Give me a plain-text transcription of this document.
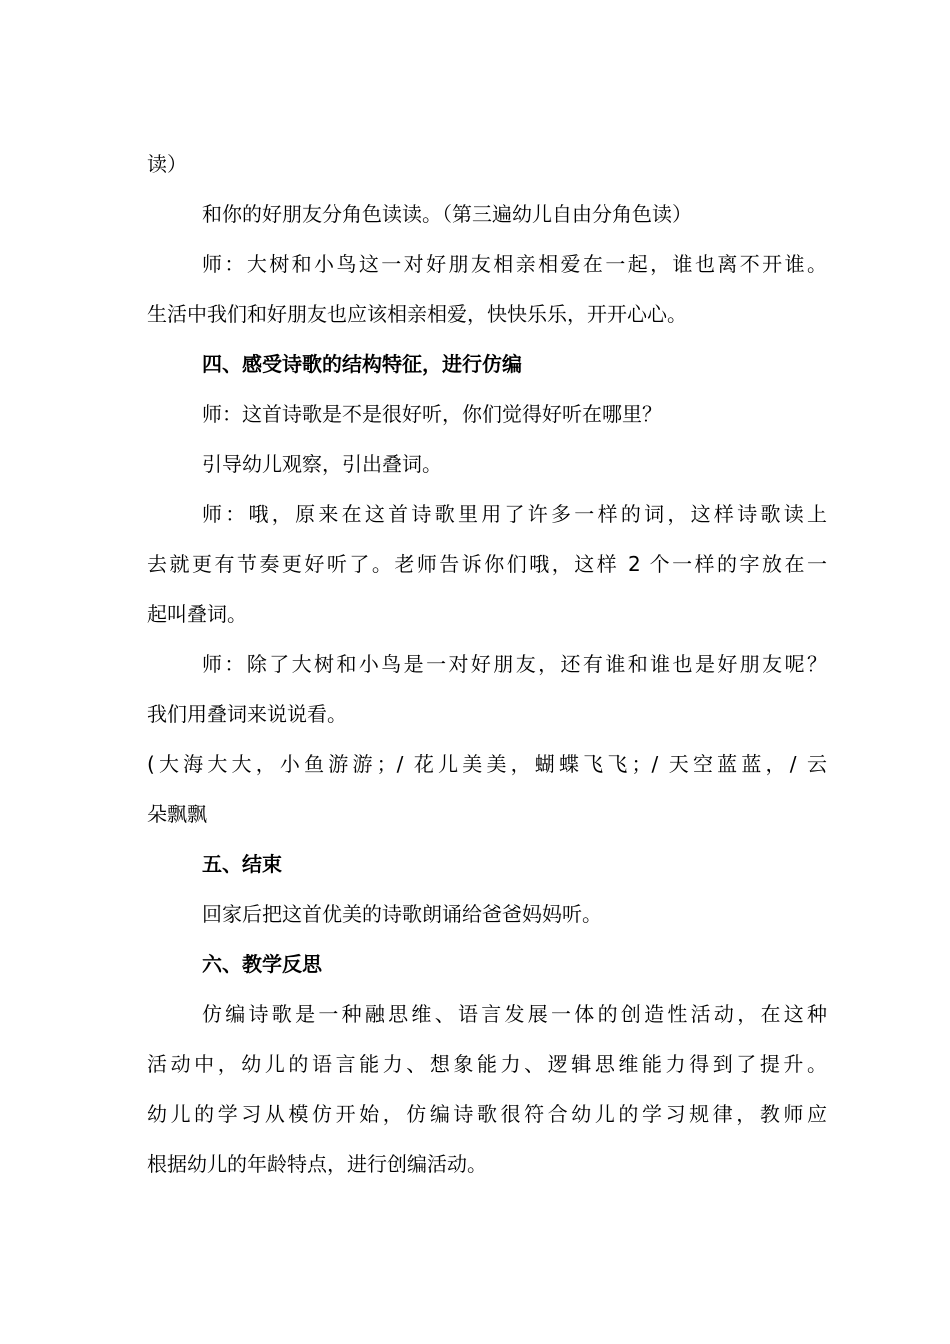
读）
和你的好朋友分角色读读。（第三遍幼儿自由分角色读）
师：大树和小鸟这一对好朋友相亲相爱在一起，谁也离不开谁。
生活中我们和好朋友也应该相亲相爱，快快乐乐，开开心心。
四、感受诗歌的结构特征，进行仿编
师：这首诗歌是不是很好听，你们觉得好听在哪里？
引导幼儿观察，引出叠词。
师：哦，原来在这首诗歌里用了许多一样的词，这样诗歌读上
去就更有节奏更好听了。老师告诉你们哦，这样 2 个一样的字放在一
起叫叠词。
师：除了大树和小鸟是一对好朋友，还有谁和谁也是好朋友呢？
我们用叠词来说说看。
(大海大大，小鱼游游；/ 花儿美美，蝴蝶飞飞；/ 天空蓝蓝，/ 云
朵飘飘
五、结束
回家后把这首优美的诗歌朗诵给爸爸妈妈听。
六、教学反思
仿编诗歌是一种融思维、语言发展一体的创造性活动，在这种
活动中，幼儿的语言能力、想象能力、逻辑思维能力得到了提升。
幼儿的学习从模仿开始，仿编诗歌很符合幼儿的学习规律，教师应
根据幼儿的年龄特点，进行创编活动。
